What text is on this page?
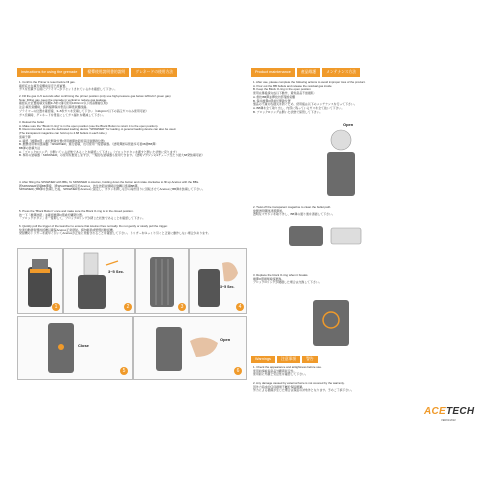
Instructions for using the grenade	榴彈使用說明書的說明	グレネードの使用方法

1. Confirm the Primer is reset before fill gas.
確認底火在填充氣體前是否已經重置。
ガスを充填する前にプライマーがリセットされているかを確認して下さい。

2. Fill the gas 3~5 seconds after confirming the primer position (only use high-pressure gas below 12KG/m³ green gas)
Note: Filling gas, keep the grenade in vertical to reduce gas leakage.
確認底火位置後填充氣體3~5秒 (僅可使用12KG/m³以下的高壓綠瓦斯)
注意:填充氣體時，請將榴彈保持垂直以降低氣體洩漏。
プライマーの位置を確認後、3~5秒ガスを充填して下さい（12kg/cm³以下の高圧ガスのみ使用可能）
ガス充填時、グレネードを垂直にしてガス漏れを軽減して下さい。

3. Reload the bullet
A. Make sure the "Block O-ring" is in the open position (use the Block Button to return it to the open position).
B. Recommended to use the dedicated loading device "SPAWNER" for loading. A general loading device can also be used.
(The transparent magazine can hold up to 4.68 bullets in each tube.)
裝填子彈
A. 確認「擋彈O環」處於開啟位置(使用擋彈按鈕使其回到開啟位置)
B. 推薦使用專用裝填器「SPAWNER」進行裝填，也可使用一般裝填器。（透明彈匣每管最多可裝68發BB彈）
BB弾の装填方法
A.「ブロックOリング」が開いている状態であることを確認して下さい。（ブロックボタンを押すと開いた状態に戻ります）
B. 専用の装填器「SPAWNER」の使用を推奨しますが、一般的な装填器も使用できます。（透明マガジンの1チューブ当たり最大68発装填可能）

4. After filling the SPAWNER with BBs, fix SPAWNER to Acetrex, holding down the button and rotate clockwise to fill up Acetrex with the BBs.
將SPAWNER裝填BB彈後，將SPAWNER固定於Acetrex，按住按鈕並順時針旋轉以裝填BB彈。
SPAWNERにBB弾を装填した後、SPAWNERをAcetrexに固定し、ボタンを押しながら時計回りに回転させてAcetrexにBB弾を装填して下さい。

5. Press the "Block Button" once and make sure the Block O-ring is in the closed position.
按一下「擋彈按鈕」並確認擋彈O環處於關閉位置。
「ブロックボタン」を一度押して、ブロックOリングが閉じた状態であることを確認して下さい。

6. Quickly pull the trigger of the launcher to ensure that Acetrex fires normally. Do not gently or slowly pull the trigger.
快速扣動發射器的扳機以確保Acetrex正常發射。請勿輕柔或緩慢扣動扳機。
発射機のトリガーを素早く引いてAcetrexが正常に発射されることを確認して下さい。トリガーをゆっくり引くと正常に動作しない場合があります。

1
3~5 Sec.
2	3
3~5 Sec.
4
Close
5
Open
6
Product maintenance	產品維護	メンテナンス方法

1. After use, please complete the following actions to avoid improper loss of the product.
A. Pour out the BB bullets and release the residual gas inside
B. Keep the Block O-ring in the open position
使用完畢後請完成以下動作，避免產品不當損耗：
A. 倒出BB彈並釋放內部殘餘氣體
B. 保持擋彈O環處於開啟位置
製品の不適切な損失を防ぐため、使用後は以下のメンテナンスを行って下さい。
A. BB弾を全て取り出し、内部に残っているガスを全て抜いて下さい。
B. ブロックOリングは開いた状態で保管して下さい。

Open

2. Twist off the transparent magazine to clean the bullet path.
旋開透明彈匣清潔彈道。
透明なマガジンを取り外し、BB弾の通り道を清掃して下さい。

3. Replace the block O-ring when it breaks.
擋彈O環損壞時請更換。
ブロックOリングが破損した場合は交換して下さい。

Warnings	注意事項	警告

1. Check the appearance and airtightness before use.
使用前請檢查產品外觀與氣密性。
使用前に外観と気密性を確認して下さい。

2. Any damage caused by external force is not covered by the warranty.
因外力造成的任何損壞不屬於保固範圍。
外力による損傷が生じた場合は保証の対象外となります。予めご了承下さい。

ACETECH
VER01/2022
